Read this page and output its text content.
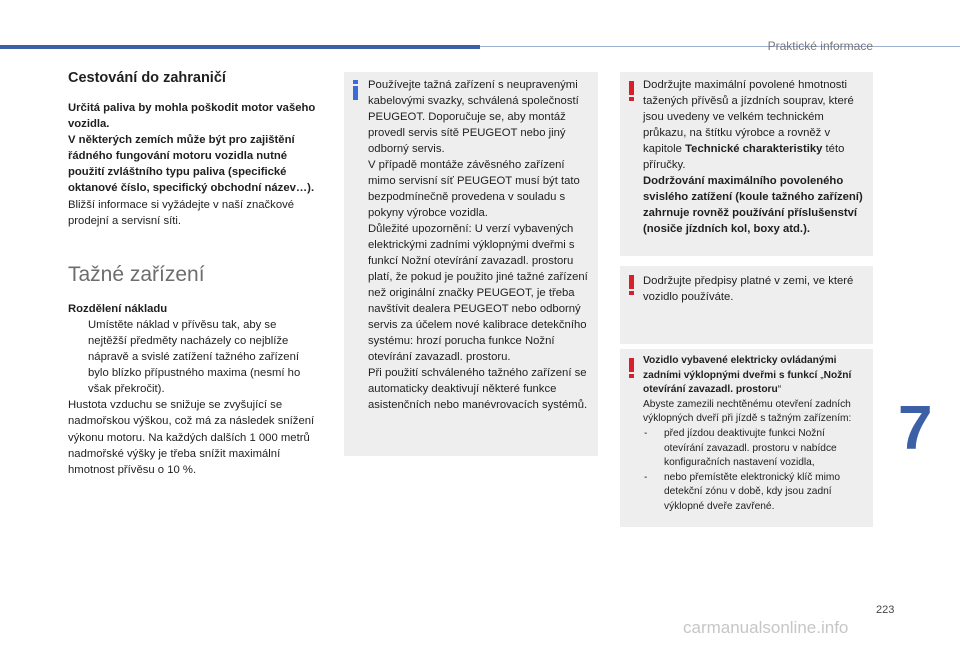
Praktické informace
Cestování do zahraničí
Určitá paliva by mohla poškodit motor vašeho vozidla.
V některých zemích může být pro zajištění řádného fungování motoru vozidla nutné použití zvláštního typu paliva (specifické oktanové číslo, specifický obchodní název…).
Bližší informace si vyžádejte v naší značkové prodejní a servisní síti.
Tažné zařízení
Rozdělení nákladu
Umístěte náklad v přívěsu tak, aby se nejtěžší předměty nacházely co nejblíže nápravě a svislé zatížení tažného zařízení bylo blízko přípustného maxima (nesmí ho však překročit).
Hustota vzduchu se snižuje se zvyšující se nadmořskou výškou, což má za následek snížení výkonu motoru. Na každých dalších 1 000 metrů nadmořské výšky je třeba snížit maximální hmotnost přívěsu o 10 %.
Používejte tažná zařízení s neupravenými kabelovými svazky, schválená společností PEUGEOT. Doporučuje se, aby montáž provedl servis sítě PEUGEOT nebo jiný odborný servis.
V případě montáže závěsného zařízení mimo servisní síť PEUGEOT musí být tato bezpodmínečně provedena v souladu s pokyny výrobce vozidla.
Důležité upozornění: U verzí vybavených elektrickými zadními výklopnými dveřmi s funkcí Nožní otevírání zavazadl. prostoru platí, že pokud je použito jiné tažné zařízení než originální značky PEUGEOT, je třeba navštívit dealera PEUGEOT nebo odborný servis za účelem nové kalibrace detekčního systému: hrozí porucha funkce Nožní otevírání zavazadl. prostoru.
Při použití schváleného tažného zařízení se automaticky deaktivují některé funkce asistenčních nebo manévrovacích systémů.
Dodržujte maximální povolené hmotnosti tažených přívěsů a jízdních souprav, které jsou uvedeny ve velkém technickém průkazu, na štítku výrobce a rovněž v kapitole Technické charakteristiky této příručky.
Dodržování maximálního povoleného svislého zatížení (koule tažného zařízení) zahrnuje rovněž používání příslušenství (nosiče jízdních kol, boxy atd.).
Dodržujte předpisy platné v zemi, ve které vozidlo používáte.
Vozidlo vybavené elektricky ovládanými zadními výklopnými dveřmi s funkcí „Nožní otevírání zavazadl. prostoru“
Abyste zamezili nechtěnému otevření zadních výklopných dveří při jízdě s tažným zařízením:
- před jízdou deaktivujte funkci Nožní otevírání zavazadl. prostoru v nabídce konfiguračních nastavení vozidla,
- nebo přemístěte elektronický klíč mimo detekční zónu v době, kdy jsou zadní výklopné dveře zavřené.
7
223
carmanualsonline.info
